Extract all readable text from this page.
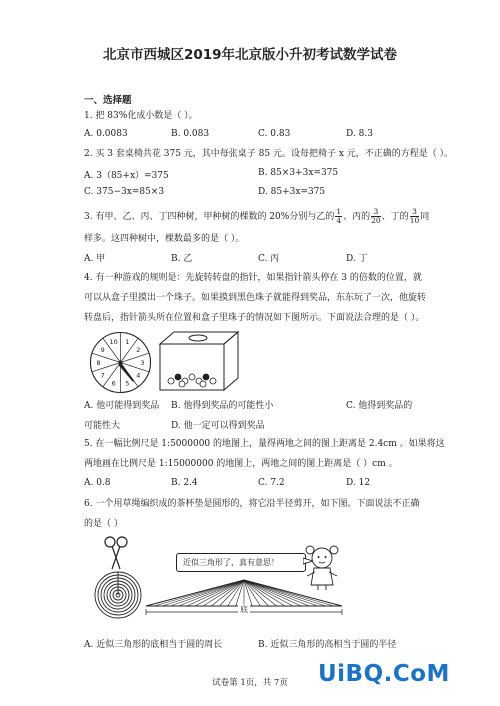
北京市西城区2019年北京版小升初考试数学试卷
一、选择题
1. 把 83%化成小数是（ ）。
A. 0.0083	B. 0.083	C. 0.83	D. 8.3
2. 买 3 套桌椅共花 375 元，其中每张桌子 85 元。设每把椅子 x 元，不正确的方程是（ ）。
A. 3（85+x）=375	B. 85×3+3x=375
C. 375−3x=85×3	D. 85+3x=375
3. 有甲、乙、丙、丁四种树，甲种树的棵数的 20%分别与乙的 $\frac{1}{4}$ 、丙的 $\frac{3}{20}$ 、丁的 $\frac{3}{10}$ 同
样多。这四种树中，棵数最多的是（ ）。
A. 甲	B. 乙	C. 丙	D. 丁
4. 有一种游戏的规则是：先旋转转盘的指针，如果指针箭头停在 3 的倍数的位置，就
可以从盒子里摸出一个珠子。如果摸到黑色珠子就能得到奖品，东东玩了一次，他旋转
转盘后，指针箭头所在位置和盒子里珠子的情况如下图所示。下面说法合理的是（ ）。
1
2
3
4
5
6
7
8
9
10
A. 他可能得到奖品 B. 他得到奖品的可能性小	C. 他得到奖品的
可能性大	D. 他一定可以得到奖品
5. 在一幅比例尺是 1:5000000 的地图上，量得两地之间的图上距离是 2.4cm 。如果将这
两地画在比例尺是 1:15000000 的地图上，两地之间的图上距离是（ ）cm 。
A. 0.8	B. 2.4	C. 7.2	D. 12
6. 一个用草绳编织成的茶杯垫是圆形的，将它沿半径剪开，如下图。下面说法不正确
的是（ ）
近似三角形了，真有意思！
底
A. 近似三角形的底相当于圆的周长	B. 近似三角形的高相当于圆的半径
试卷第 1页，共 7页	UiBQ.CoM
